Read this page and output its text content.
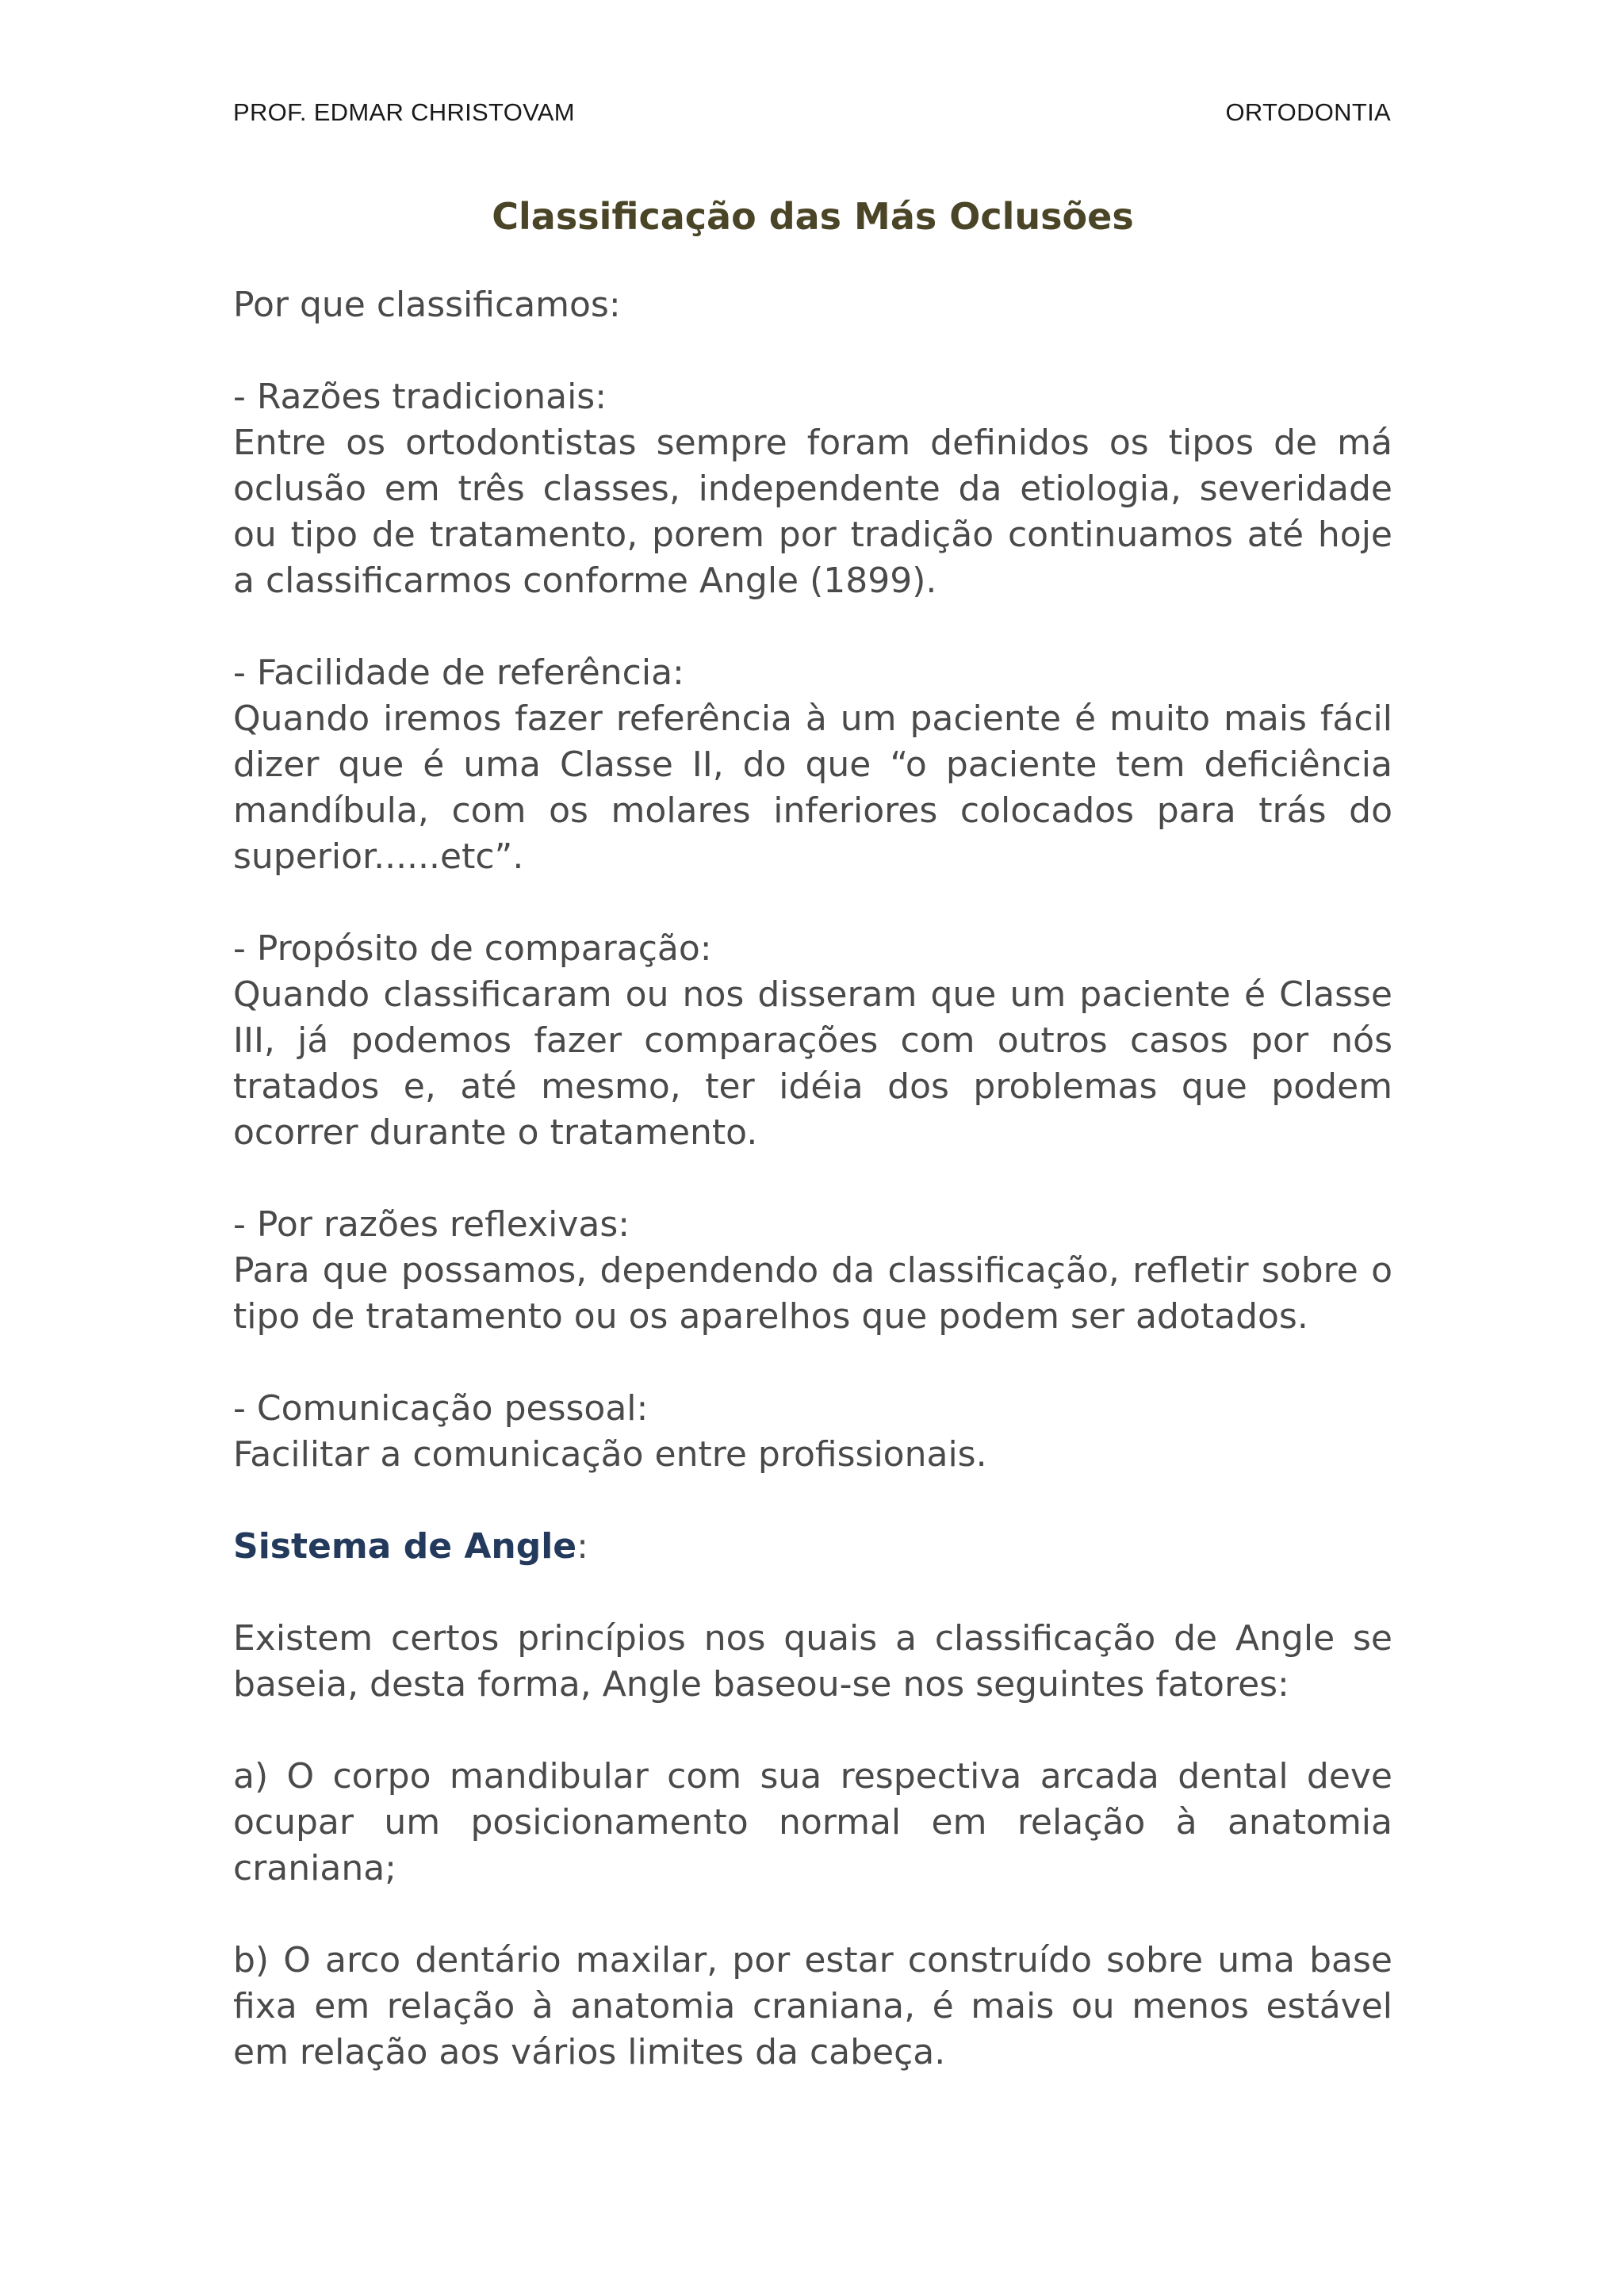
PROF. EDMAR CHRISTOVAM	ORTODONTIA
Classificação das Más Oclusões

Por que classificamos:

- Razões tradicionais:

Entre os ortodontistas sempre foram definidos os tipos de má oclusão em três classes, independente da etiologia, severidade ou tipo de tratamento, porem por tradição continuamos até hoje a classificarmos conforme Angle (1899).

- Facilidade de referência:

Quando iremos fazer referência à um paciente é muito mais fácil dizer que é uma Classe II, do que “o paciente tem deficiência mandíbula, com os molares inferiores colocados para trás do superior......etc”.

- Propósito de comparação:

Quando classificaram ou nos disseram que um paciente é Classe III, já podemos fazer comparações com outros casos por nós tratados e, até mesmo, ter idéia dos problemas que podem ocorrer durante o tratamento.

- Por razões reflexivas:

Para que possamos, dependendo da classificação, refletir sobre o tipo de tratamento ou os aparelhos que podem ser adotados.

- Comunicação pessoal:

Facilitar a comunicação entre profissionais.

Sistema de Angle:

Existem certos princípios nos quais a classificação de Angle se baseia, desta forma, Angle baseou-se nos seguintes fatores:

a) O corpo mandibular com sua respectiva arcada dental deve ocupar um posicionamento normal em relação à anatomia craniana;

b) O arco dentário maxilar, por estar construído sobre uma base fixa em relação à anatomia craniana, é mais ou menos estável em relação aos vários limites da cabeça.
